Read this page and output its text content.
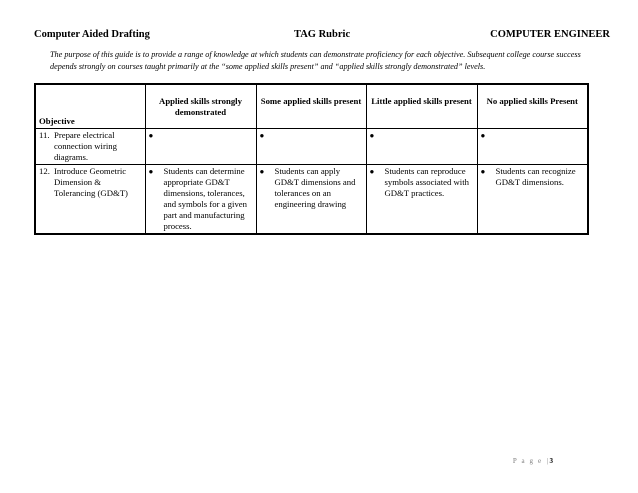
Computer Aided Drafting	TAG Rubric	COMPUTER ENGINEER
The purpose of this guide is to provide a range of knowledge at which students can demonstrate proficiency for each objective. Subsequent college course success depends strongly on courses taught primarily at the “some applied skills present” and “applied skills strongly demonstrated” levels.
Objective	Applied skills strongly demonstrated	Some applied skills present	Little applied skills present	No applied skills Present

11. Prepare electrical connection wiring diagrams.	●	●	●	●

12. Introduce Geometric Dimension & Tolerancing (GD&T)	● Students can determine appropriate GD&T dimensions, tolerances, and symbols for a given part and manufacturing process.	● Students can apply GD&T dimensions and tolerances on an engineering drawing	● Students can reproduce symbols associated with GD&T practices.	● Students can recognize GD&T dimensions.
P a g e |3
